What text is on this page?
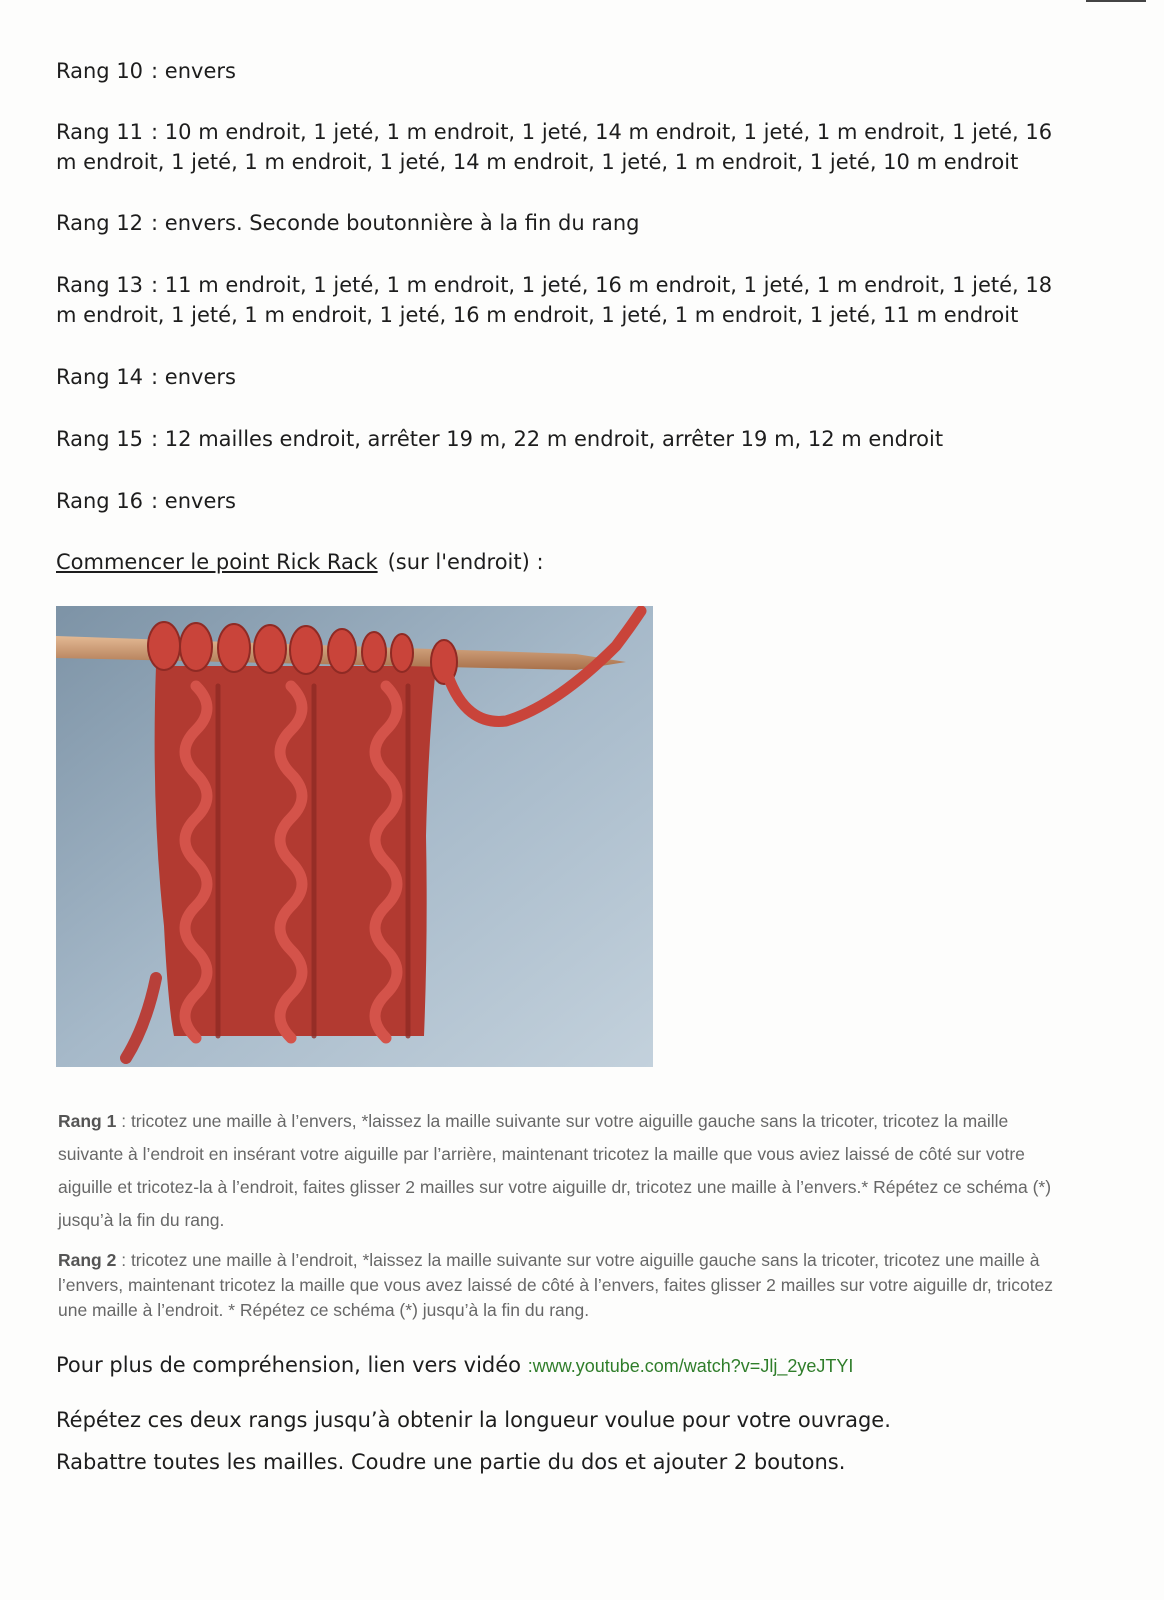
Rang 10 : envers
Rang 11 : 10 m endroit, 1 jeté, 1 m endroit, 1 jeté, 14 m endroit, 1 jeté, 1 m endroit, 1 jeté, 16 m endroit, 1 jeté, 1 m endroit, 1 jeté, 14 m endroit, 1 jeté, 1 m endroit, 1 jeté, 10 m endroit
Rang 12 : envers. Seconde boutonnière à la fin du rang
Rang 13 : 11 m endroit, 1 jeté, 1 m endroit, 1 jeté, 16 m endroit, 1 jeté, 1 m endroit, 1 jeté, 18 m endroit, 1 jeté, 1 m endroit, 1 jeté, 16 m endroit, 1 jeté, 1 m endroit, 1 jeté, 11 m endroit
Rang 14 : envers
Rang 15 : 12 mailles endroit, arrêter 19 m, 22 m endroit, arrêter 19 m, 12 m endroit
Rang 16 : envers
Commencer le point Rick Rack (sur l'endroit) :
Rang 1 : tricotez une maille à l’envers, *laissez la maille suivante sur votre aiguille gauche sans la tricoter, tricotez la maille suivante à l’endroit en insérant votre aiguille par l’arrière, maintenant tricotez la maille que vous aviez laissé de côté sur votre aiguille et tricotez-la à l’endroit, faites glisser 2 mailles sur votre aiguille dr, tricotez une maille à l’envers.* Répétez ce schéma (*) jusqu’à la fin du rang.
Rang 2 : tricotez une maille à l’endroit, *laissez la maille suivante sur votre aiguille gauche sans la tricoter, tricotez une maille à l’envers, maintenant tricotez la maille que vous avez laissé de côté à l’envers, faites glisser 2 mailles sur votre aiguille dr, tricotez une maille à l’endroit. * Répétez ce schéma (*) jusqu’à la fin du rang.
Pour plus de compréhension, lien vers vidéo :www.youtube.com/watch?v=Jlj_2yeJTYI
Répétez ces deux rangs jusqu’à obtenir la longueur voulue pour votre ouvrage.
Rabattre toutes les mailles. Coudre une partie du dos et ajouter 2 boutons.
